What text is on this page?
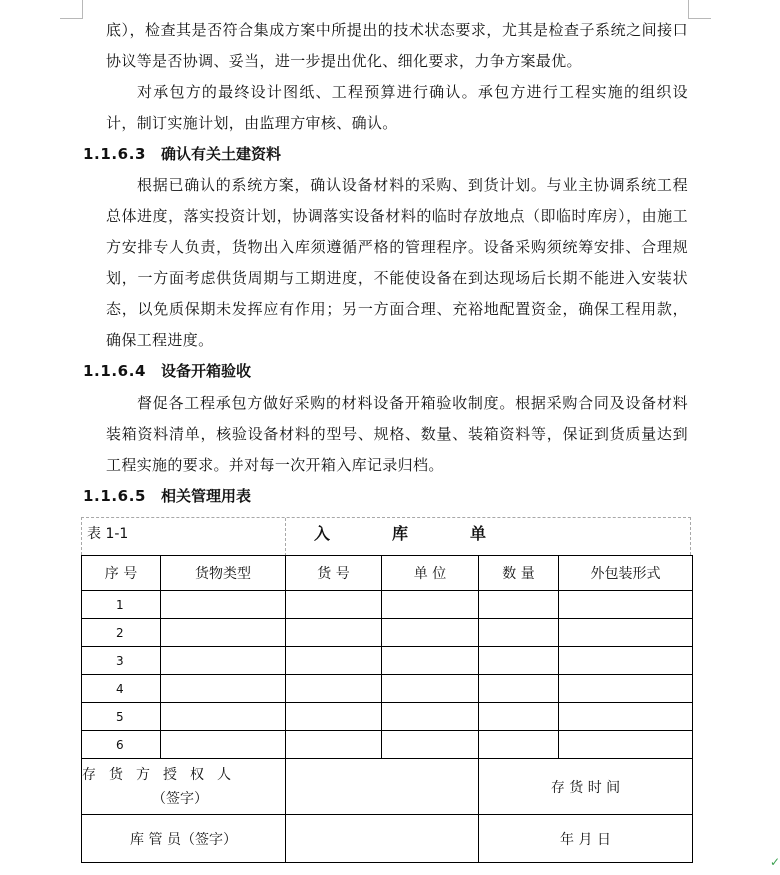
底），检查其是否符合集成方案中所提出的技术状态要求，尤其是检查子系统之间接口协议等是否协调、妥当，进一步提出优化、细化要求，力争方案最优。

对承包方的最终设计图纸、工程预算进行确认。承包方进行工程实施的组织设计，制订实施计划，由监理方审核、确认。

1.1.6.3 确认有关土建资料

根据已确认的系统方案，确认设备材料的采购、到货计划。与业主协调系统工程总体进度，落实投资计划，协调落实设备材料的临时存放地点（即临时库房），由施工方安排专人负责，货物出入库须遵循严格的管理程序。设备采购须统筹安排、合理规划，一方面考虑供货周期与工期进度，不能使设备在到达现场后长期不能进入安装状态，以免质保期未发挥应有作用；另一方面合理、充裕地配置资金，确保工程用款，确保工程进度。

1.1.6.4 设备开箱验收

督促各工程承包方做好采购的材料设备开箱验收制度。根据采购合同及设备材料装箱资料清单，核验设备材料的型号、规格、数量、装箱资料等，保证到货质量达到工程实施的要求。并对每一次开箱入库记录归档。

1.1.6.5 相关管理用表
表 1-1	入库单
序 号	货物类型	货 号	单 位	数 量	外包装形式
1					
2					
3					
4					
5					
6					

存货方授权人
（签字）				存 货 时 间	
库 管 员（签字）				年 月 日	
✓
